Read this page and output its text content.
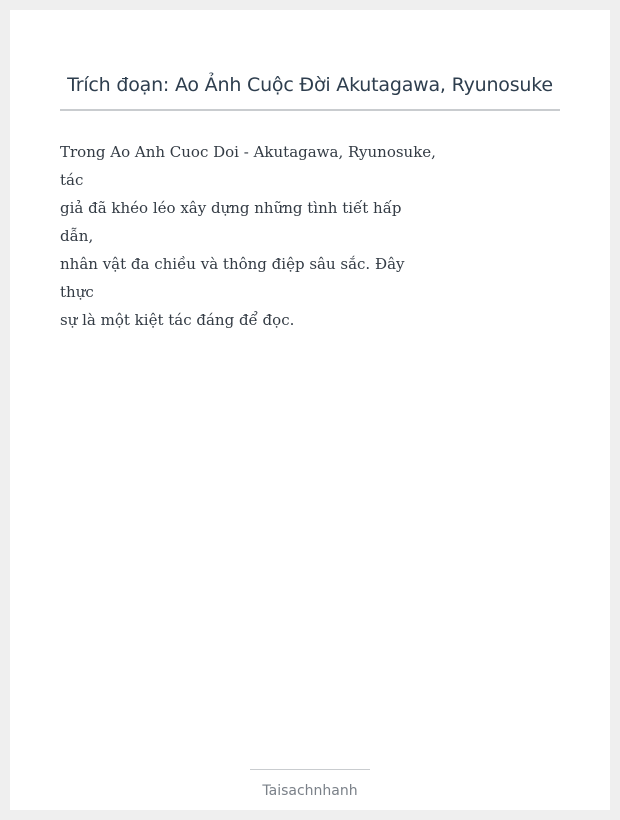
Trích đoạn: Ao Ảnh Cuộc Đời Akutagawa, Ryunosuke
Trong Ao Anh Cuoc Doi - Akutagawa, Ryunosuke,
tác
giả đã khéo léo xây dựng những tình tiết hấp
dẫn,
nhân vật đa chiều và thông điệp sâu sắc. Đây
thực
sự là một kiệt tác đáng để đọc.
Taisachnhanh
